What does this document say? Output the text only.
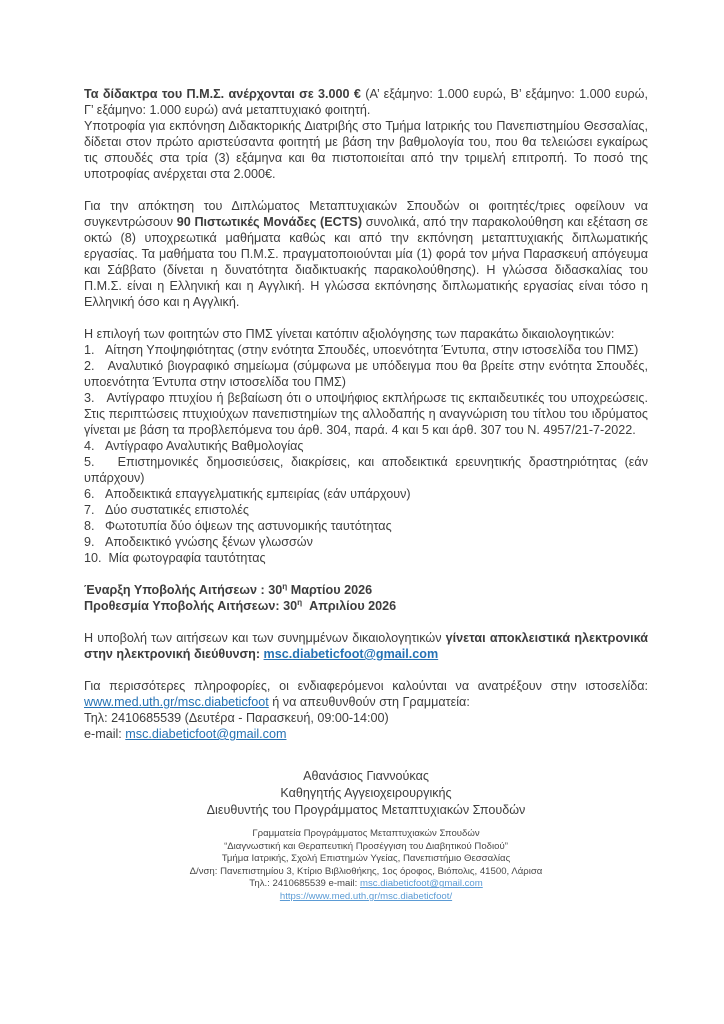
Τα δίδακτρα του Π.Μ.Σ. ανέρχονται σε 3.000 € (Α’ εξάμηνο: 1.000 ευρώ, Β’ εξάμηνο: 1.000 ευρώ, Γ’ εξάμηνο: 1.000 ευρώ) ανά μεταπτυχιακό φοιτητή.

Υποτροφία για εκπόνηση Διδακτορικής Διατριβής στο Τμήμα Ιατρικής του Πανεπιστημίου Θεσσαλίας, δίδεται στον πρώτο αριστεύσαντα φοιτητή με βάση την βαθμολογία του, που θα τελειώσει εγκαίρως τις σπουδές στα τρία (3) εξάμηνα και θα πιστοποιείται από την τριμελή επιτροπή. Το ποσό της υποτροφίας ανέρχεται στα 2.000€.

Για την απόκτηση του Διπλώματος Μεταπτυχιακών Σπουδών οι φοιτητές/τριες οφείλουν να συγκεντρώσουν 90 Πιστωτικές Μονάδες (ECTS) συνολικά, από την παρακολούθηση και εξέταση σε οκτώ (8) υποχρεωτικά μαθήματα καθώς και από την εκπόνηση μεταπτυχιακής διπλωματικής εργασίας. Τα μαθήματα του Π.Μ.Σ. πραγματοποιούνται μία (1) φορά τον μήνα Παρασκευή απόγευμα και Σάββατο (δίνεται η δυνατότητα διαδικτυακής παρακολούθησης). Η γλώσσα διδασκαλίας του Π.Μ.Σ. είναι η Ελληνική και η Αγγλική. Η γλώσσα εκπόνησης διπλωματικής εργασίας είναι τόσο η Ελληνική όσο και η Αγγλική.

Η επιλογή των φοιτητών στο ΠΜΣ γίνεται κατόπιν αξιολόγησης των παρακάτω δικαιολογητικών:

1.   Αίτηση Υποψηφιότητας (στην ενότητα Σπουδές, υποενότητα Έντυπα, στην ιστοσελίδα του ΠΜΣ)

2.   Αναλυτικό βιογραφικό σημείωμα (σύμφωνα με υπόδειγμα που θα βρείτε στην ενότητα Σπουδές, υποενότητα Έντυπα στην ιστοσελίδα του ΠΜΣ)

3.   Αντίγραφο πτυχίου ή βεβαίωση ότι ο υποψήφιος εκπλήρωσε τις εκπαιδευτικές του υποχρεώσεις. Στις περιπτώσεις πτυχιούχων πανεπιστημίων της αλλοδαπής η αναγνώριση του τίτλου του ιδρύματος γίνεται με βάση τα προβλεπόμενα του άρθ. 304, παρά. 4 και 5 και άρθ. 307 του Ν. 4957/21-7-2022.

4.   Αντίγραφο Αναλυτικής Βαθμολογίας

5.   Επιστημονικές δημοσιεύσεις, διακρίσεις, και αποδεικτικά ερευνητικής δραστηριότητας (εάν υπάρχουν)

6.   Αποδεικτικά επαγγελματικής εμπειρίας (εάν υπάρχουν)

7.   Δύο συστατικές επιστολές

8.   Φωτοτυπία δύο όψεων της αστυνομικής ταυτότητας

9.   Αποδεικτικό γνώσης ξένων γλωσσών

10.  Μία φωτογραφία ταυτότητας

Έναρξη Υποβολής Αιτήσεων : $30^\eta$ Μαρτίου 2026

Προθεσμία Υποβολής Αιτήσεων: $30^\eta$  Απριλίου 2026

Η υποβολή των αιτήσεων και των συνημμένων δικαιολογητικών γίνεται αποκλειστικά ηλεκτρονικά στην ηλεκτρονική διεύθυνση: msc.diabeticfoot@gmail.com

Για περισσότερες πληροφορίες, οι ενδιαφερόμενοι καλούνται να ανατρέξουν στην ιστοσελίδα: www.med.uth.gr/msc.diabeticfoot ή να απευθυνθούν στη Γραμματεία:

Τηλ: 2410685539 (Δευτέρα - Παρασκευή, 09:00-14:00)

e-mail: msc.diabeticfoot@gmail.com

Αθανάσιος Γιαννούκας

Καθηγητής Αγγειοχειρουργικής

Διευθυντής του Προγράμματος Μεταπτυχιακών Σπουδών

Γραμματεία Προγράμματος Μεταπτυχιακών Σπουδών

“Διαγνωστική και Θεραπευτική Προσέγγιση του Διαβητικού Ποδιού”

Τμήμα Ιατρικής, Σχολή Επιστημών Υγείας, Πανεπιστήμιο Θεσσαλίας

Δ/νση: Πανεπιστημίου 3, Κτίριο Βιβλιοθήκης, 1ος όροφος, Βιόπολις, 41500, Λάρισα

Τηλ.: 2410685539 e-mail: msc.diabeticfoot@gmail.com

https://www.med.uth.gr/msc.diabeticfoot/
